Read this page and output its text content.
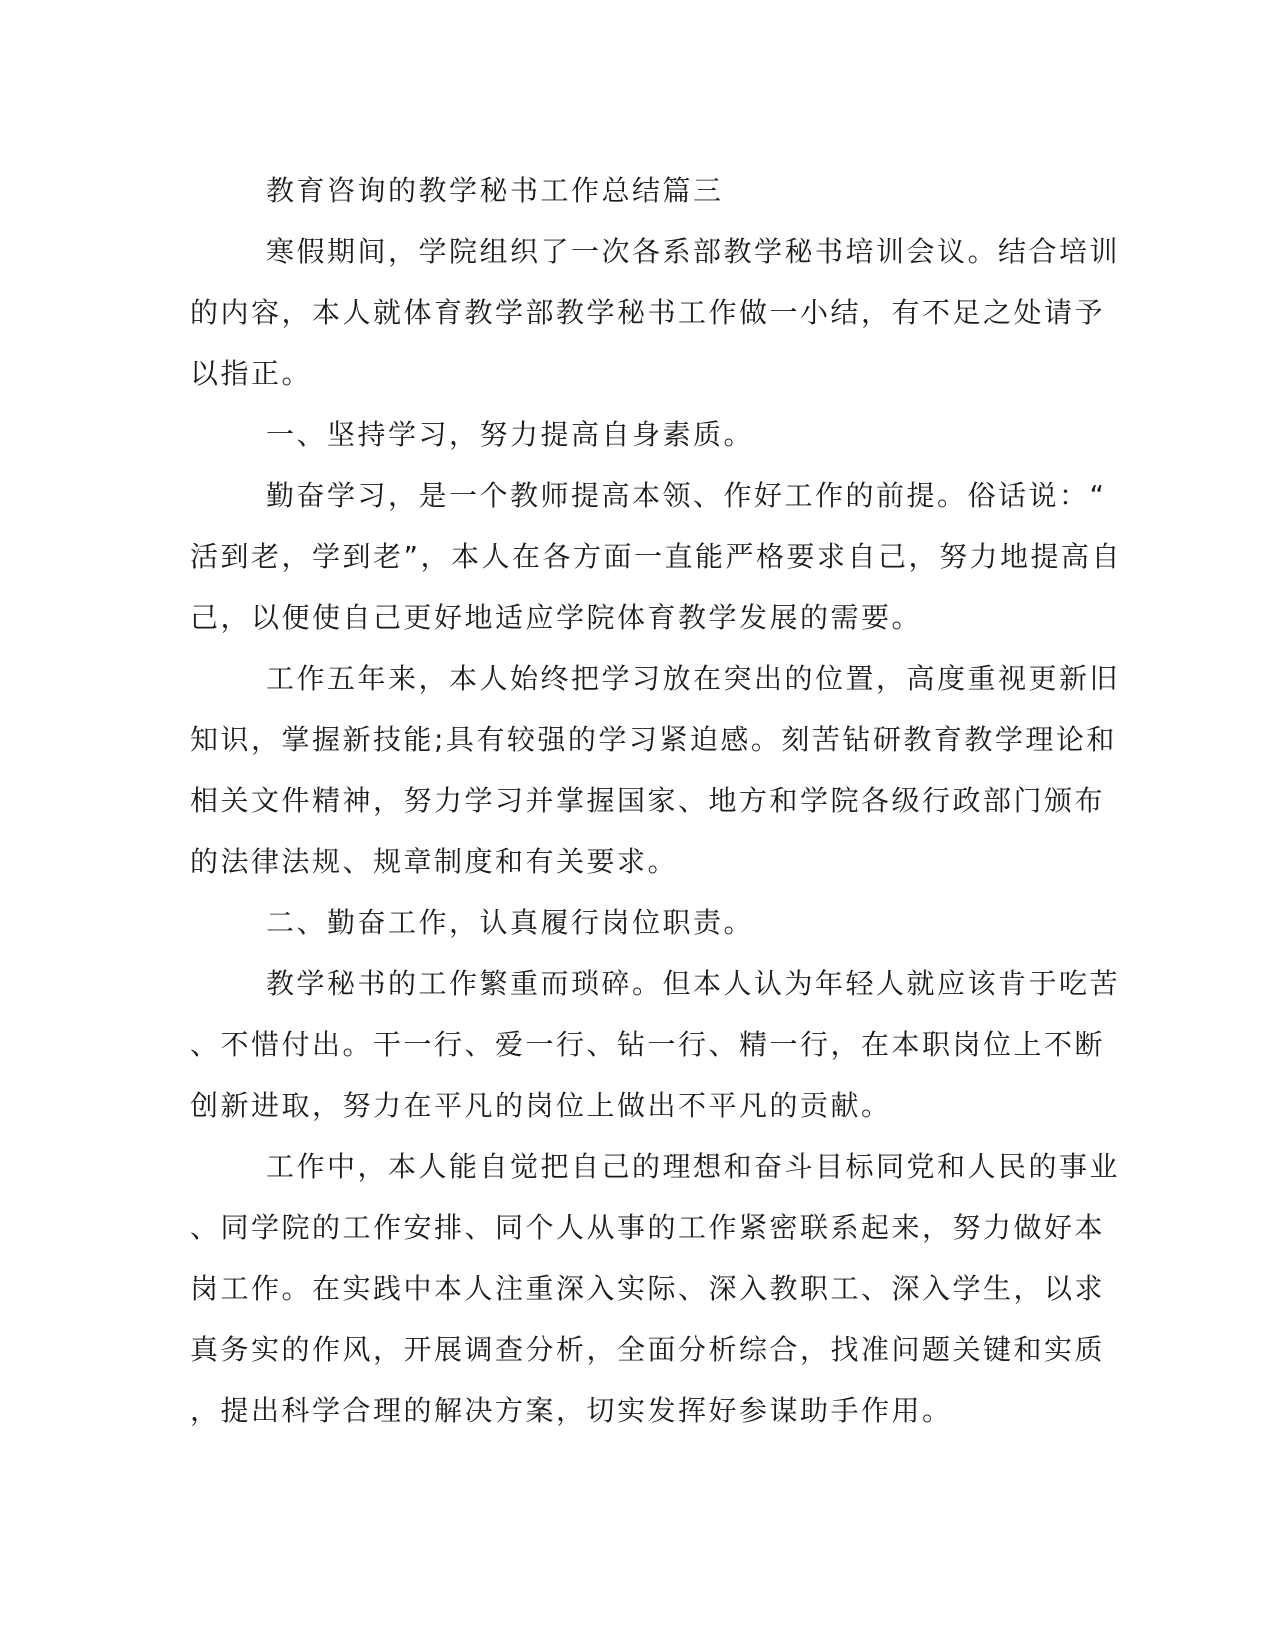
教育咨询的教学秘书工作总结篇三
寒假期间，学院组织了一次各系部教学秘书培训会议。结合培训
的内容，本人就体育教学部教学秘书工作做一小结，有不足之处请予
以指正。
一、坚持学习，努力提高自身素质。
勤奋学习，是一个教师提高本领、作好工作的前提。俗话说：“
活到老，学到老”，本人在各方面一直能严格要求自己，努力地提高自
己，以便使自己更好地适应学院体育教学发展的需要。
工作五年来，本人始终把学习放在突出的位置，高度重视更新旧
知识，掌握新技能;具有较强的学习紧迫感。刻苦钻研教育教学理论和
相关文件精神，努力学习并掌握国家、地方和学院各级行政部门颁布
的法律法规、规章制度和有关要求。
二、勤奋工作，认真履行岗位职责。
教学秘书的工作繁重而琐碎。但本人认为年轻人就应该肯于吃苦
、不惜付出。干一行、爱一行、钻一行、精一行，在本职岗位上不断
创新进取，努力在平凡的岗位上做出不平凡的贡献。
工作中，本人能自觉把自己的理想和奋斗目标同党和人民的事业
、同学院的工作安排、同个人从事的工作紧密联系起来，努力做好本
岗工作。在实践中本人注重深入实际、深入教职工、深入学生，以求
真务实的作风，开展调查分析，全面分析综合，找准问题关键和实质
，提出科学合理的解决方案，切实发挥好参谋助手作用。
